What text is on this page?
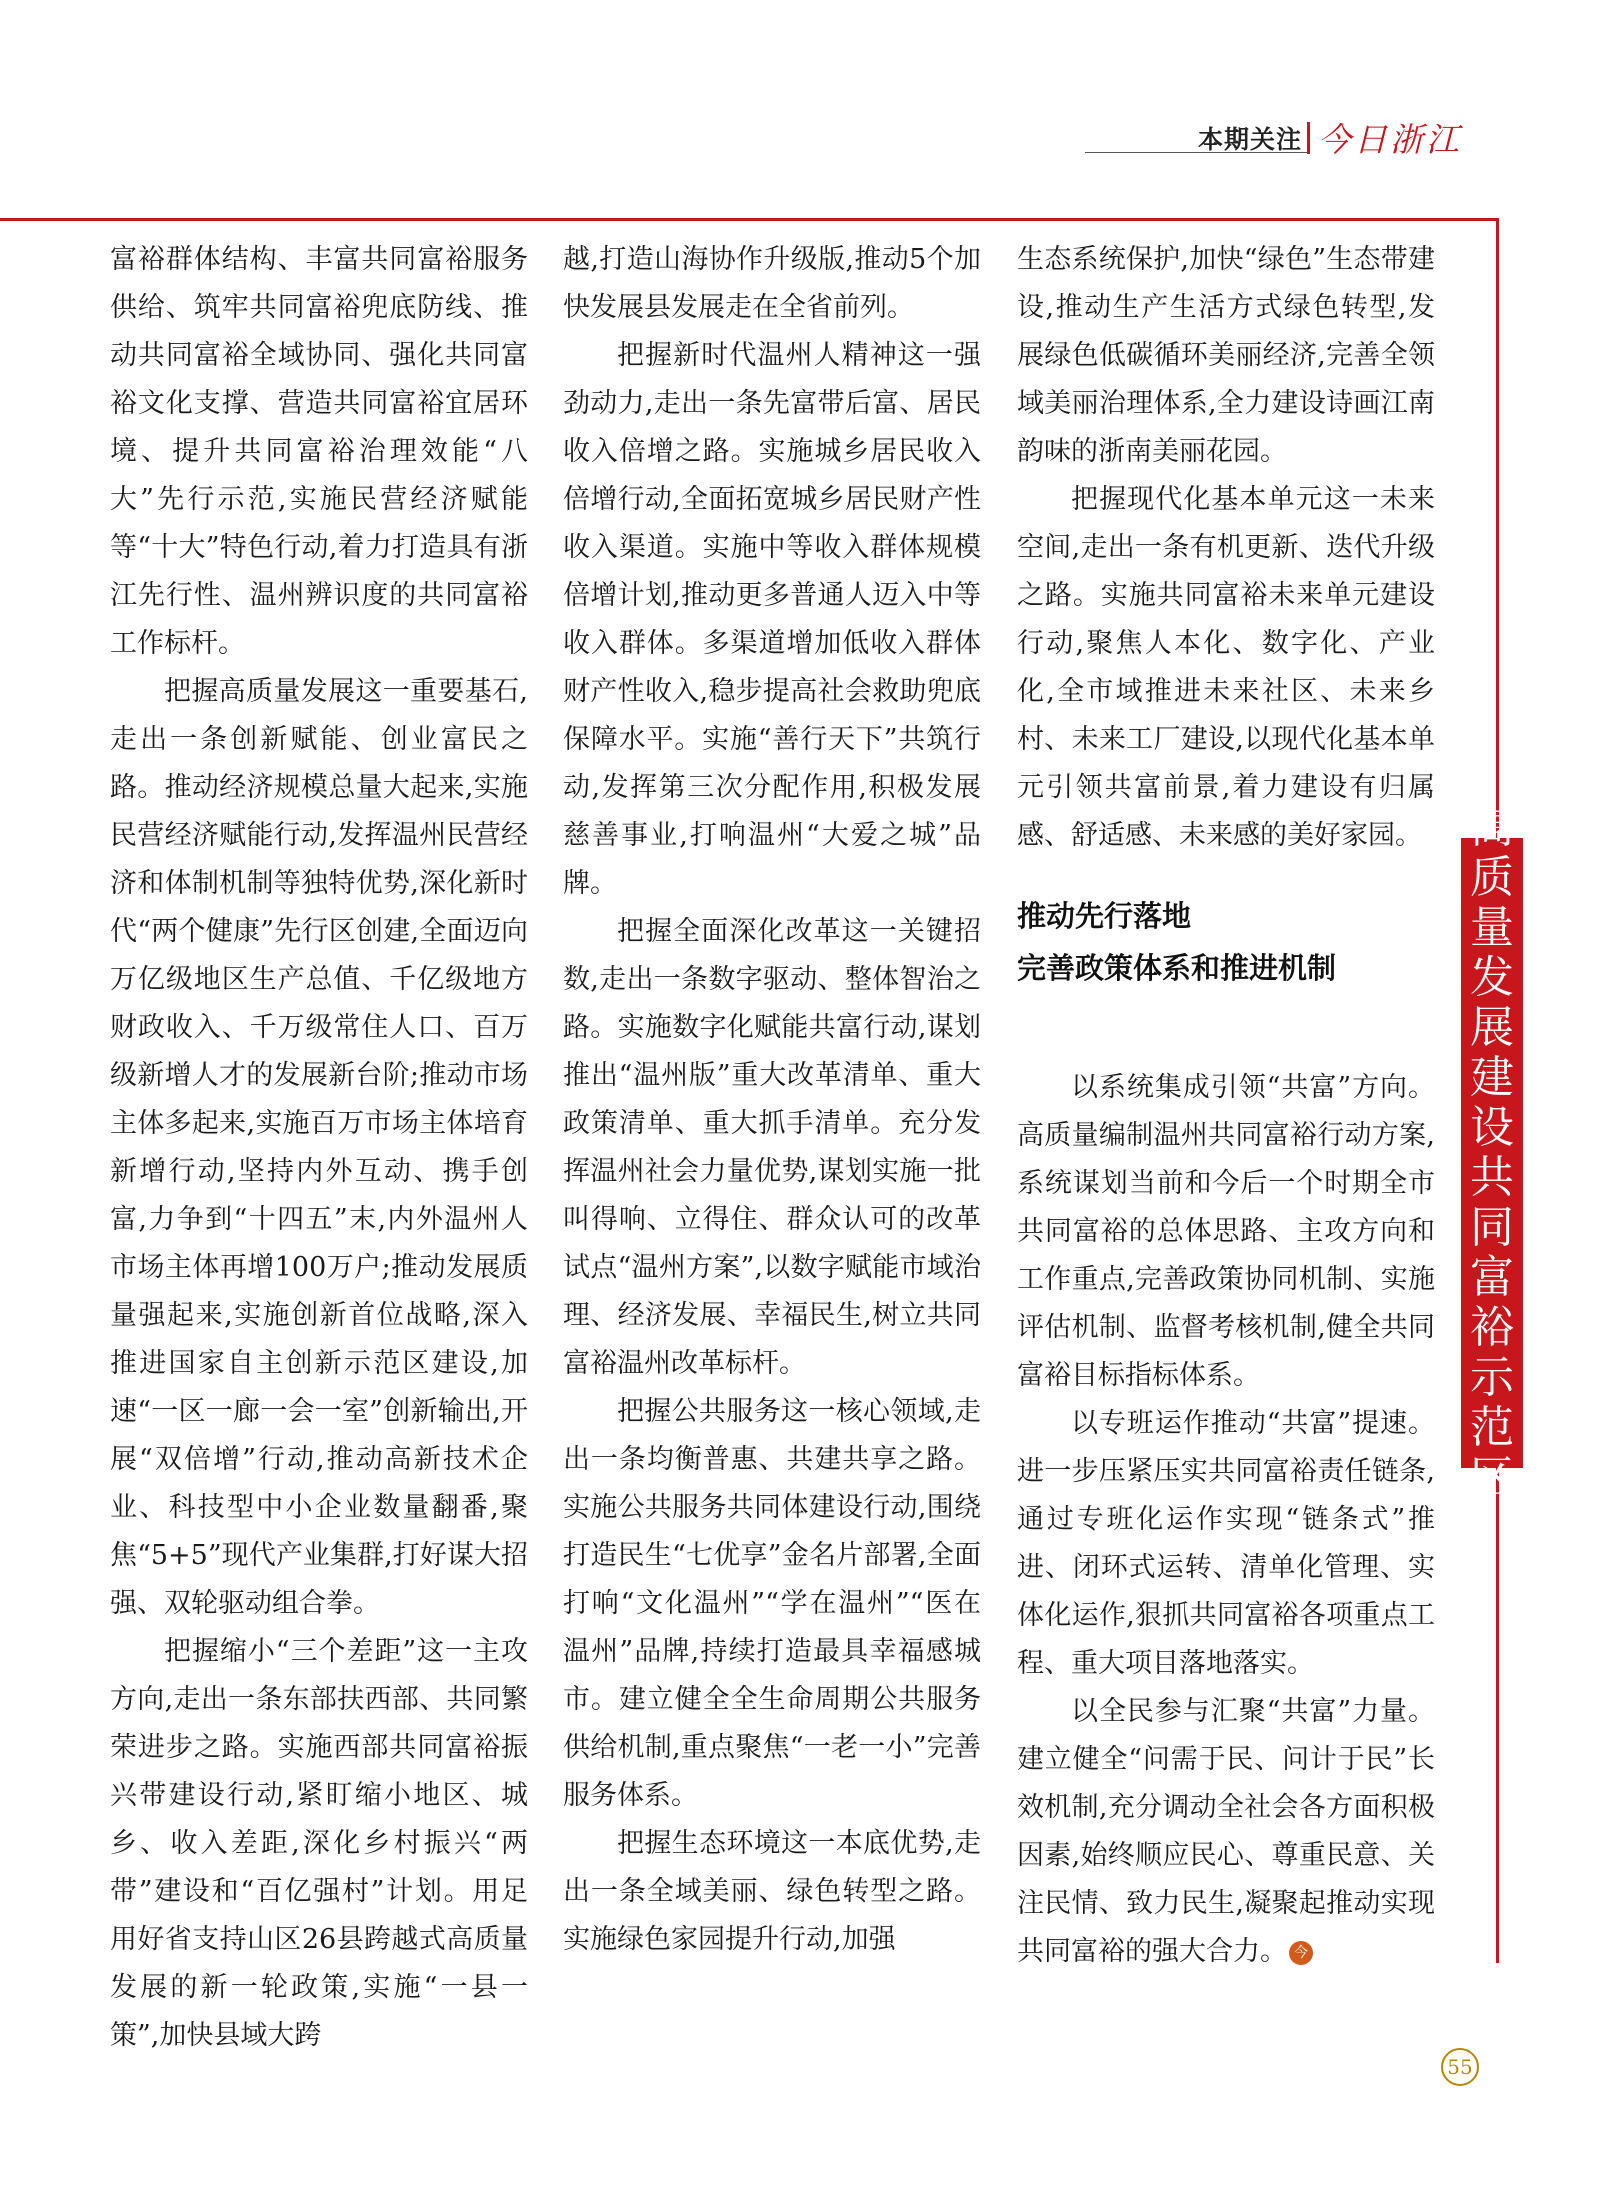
本期关注 今日浙江
高
质
量
发
展
建
设
共
同
富
裕
示
范
区

富裕群体结构、丰富共同富裕服务供给、筑牢共同富裕兜底防线、推动共同富裕全域协同、强化共同富裕文化支撑、营造共同富裕宜居环境、提升共同富裕治理效能“八大”先行示范,实施民营经济赋能等“十大”特色行动,着力打造具有浙江先行性、温州辨识度的共同富裕工作标杆。

把握高质量发展这一重要基石,走出一条创新赋能、创业富民之路。推动经济规模总量大起来,实施民营经济赋能行动,发挥温州民营经济和体制机制等独特优势,深化新时代“两个健康”先行区创建,全面迈向万亿级地区生产总值、千亿级地方财政收入、千万级常住人口、百万级新增人才的发展新台阶;推动市场主体多起来,实施百万市场主体培育新增行动,坚持内外互动、携手创富,力争到“十四五”末,内外温州人市场主体再增100万户;推动发展质量强起来,实施创新首位战略,深入推进国家自主创新示范区建设,加速“一区一廊一会一室”创新输出,开展“双倍增”行动,推动高新技术企业、科技型中小企业数量翻番,聚焦“5+5”现代产业集群,打好谋大招强、双轮驱动组合拳。

把握缩小“三个差距”这一主攻方向,走出一条东部扶西部、共同繁荣进步之路。实施西部共同富裕振兴带建设行动,紧盯缩小地区、城乡、收入差距,深化乡村振兴“两带”建设和“百亿强村”计划。用足用好省支持山区26县跨越式高质量发展的新一轮政策,实施“一县一策”,加快县域大跨

越,打造山海协作升级版,推动5个加快发展县发展走在全省前列。

把握新时代温州人精神这一强劲动力,走出一条先富带后富、居民收入倍增之路。实施城乡居民收入倍增行动,全面拓宽城乡居民财产性收入渠道。实施中等收入群体规模倍增计划,推动更多普通人迈入中等收入群体。多渠道增加低收入群体财产性收入,稳步提高社会救助兜底保障水平。实施“善行天下”共筑行动,发挥第三次分配作用,积极发展慈善事业,打响温州“大爱之城”品牌。

把握全面深化改革这一关键招数,走出一条数字驱动、整体智治之路。实施数字化赋能共富行动,谋划推出“温州版”重大改革清单、重大政策清单、重大抓手清单。充分发挥温州社会力量优势,谋划实施一批叫得响、立得住、群众认可的改革试点“温州方案”,以数字赋能市域治理、经济发展、幸福民生,树立共同富裕温州改革标杆。

把握公共服务这一核心领域,走出一条均衡普惠、共建共享之路。实施公共服务共同体建设行动,围绕打造民生“七优享”金名片部署,全面打响“文化温州”“学在温州”“医在温州”品牌,持续打造最具幸福感城市。建立健全全生命周期公共服务供给机制,重点聚焦“一老一小”完善服务体系。

把握生态环境这一本底优势,走出一条全域美丽、绿色转型之路。实施绿色家园提升行动,加强

生态系统保护,加快“绿色”生态带建设,推动生产生活方式绿色转型,发展绿色低碳循环美丽经济,完善全领域美丽治理体系,全力建设诗画江南韵味的浙南美丽花园。

把握现代化基本单元这一未来空间,走出一条有机更新、迭代升级之路。实施共同富裕未来单元建设行动,聚焦人本化、数字化、产业化,全市域推进未来社区、未来乡村、未来工厂建设,以现代化基本单元引领共富前景,着力建设有归属感、舒适感、未来感的美好家园。

推动先行落地
完善政策体系和推进机制

以系统集成引领“共富”方向。高质量编制温州共同富裕行动方案,系统谋划当前和今后一个时期全市共同富裕的总体思路、主攻方向和工作重点,完善政策协同机制、实施评估机制、监督考核机制,健全共同富裕目标指标体系。

以专班运作推动“共富”提速。进一步压紧压实共同富裕责任链条,通过专班化运作实现“链条式”推进、闭环式运转、清单化管理、实体化运作,狠抓共同富裕各项重点工程、重大项目落地落实。

以全民参与汇聚“共富”力量。建立健全“问需于民、问计于民”长效机制,充分调动全社会各方面积极因素,始终顺应民心、尊重民意、关注民情、致力民生,凝聚起推动实现共同富裕的强大合力。 今

55
